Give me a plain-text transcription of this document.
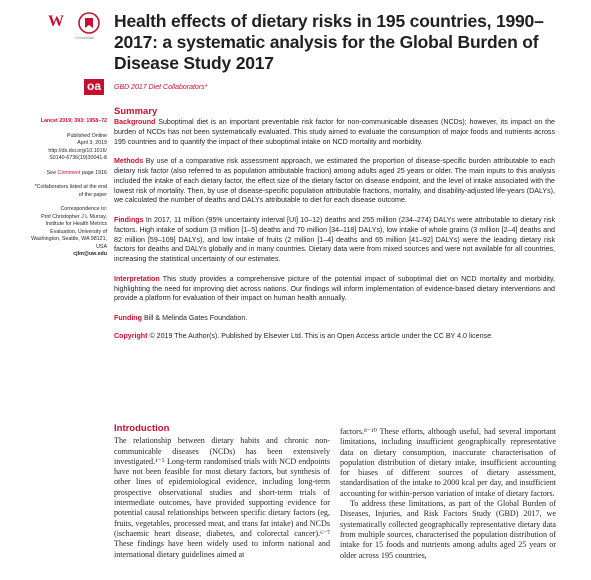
W
CrossMark
Health effects of dietary risks in 195 countries, 1990–2017: a systematic analysis for the Global Burden of Disease Study 2017
oa	GBD 2017 Diet Collaborators*
Lancet 2019; 393: 1958–72
Published Online
April 3, 2019
http://dx.doi.org/10.1016/
S0140-6736(19)30041-8
See Comment page 1916
*Collaborators listed at the end
of the paper
Correspondence to:
Prof Christopher J L Murray,
Institute for Health Metrics
Evaluation, University of
Washington, Seattle, WA 98121,
USA
cjlm@uw.edu
Summary

Background Suboptimal diet is an important preventable risk factor for non-communicable diseases (NCDs); however, its impact on the burden of NCDs has not been systematically evaluated. This study aimed to evaluate the consumption of major foods and nutrients across 195 countries and to quantify the impact of their suboptimal intake on NCD mortality and morbidity.

Methods By use of a comparative risk assessment approach, we estimated the proportion of disease-specific burden attributable to each dietary risk factor (also referred to as population attributable fraction) among adults aged 25 years or older. The main inputs to this analysis included the intake of each dietary factor, the effect size of the dietary factor on disease endpoint, and the level of intake associated with the lowest risk of mortality. Then, by use of disease-specific population attributable fractions, mortality, and disability-adjusted life-years (DALYs), we calculated the number of deaths and DALYs attributable to diet for each disease outcome.

Findings In 2017, 11 million (95% uncertainty interval [UI] 10–12) deaths and 255 million (234–274) DALYs were attributable to dietary risk factors. High intake of sodium (3 million [1–5] deaths and 70 million [34–118] DALYs), low intake of whole grains (3 million [2–4] deaths and 82 million [59–109] DALYs), and low intake of fruits (2 million [1–4] deaths and 65 million [41–92] DALYs) were the leading dietary risk factors for deaths and DALYs globally and in many countries. Dietary data were from mixed sources and were not available for all countries, increasing the statistical uncertainty of our estimates.

Interpretation This study provides a comprehensive picture of the potential impact of suboptimal diet on NCD mortality and morbidity, highlighting the need for improving diet across nations. Our findings will inform implementation of evidence-based dietary interventions and provide a platform for evaluation of their impact on human health annually.

Funding Bill & Melinda Gates Foundation.

Copyright © 2019 The Author(s). Published by Elsevier Ltd. This is an Open Access article under the CC BY 4.0 license.

Introduction

The relationship between dietary habits and chronic non-communicable diseases (NCDs) has been extensively investigated.¹⁻⁵ Long-term randomised trials with NCD endpoints have not been feasible for most dietary factors, but synthesis of other lines of epidemiological evidence, including long-term prospective observational studies and short-term trials of intermediate outcomes, have provided supporting evidence for potential causal relationships between specific dietary factors (eg, fruits, vegetables, processed meat, and trans fat intake) and NCDs (ischaemic heart disease, diabetes, and colorectal cancer).⁶⁻⁷ These findings have been widely used to inform national and international dietary guidelines aimed at

factors.⁸⁻¹⁰ These efforts, although useful, had several important limitations, including insufficient geographically representative data on dietary consumption, inaccurate characterisation of population distribution of dietary intake, insufficient accounting for biases of different sources of dietary assessment, standardisation of the intake to 2000 kcal per day, and insufficient accounting for within-person variation of intake of dietary factors.

To address these limitations, as part of the Global Burden of Diseases, Injuries, and Risk Factors Study (GBD) 2017, we systematically collected geographically representative dietary data from multiple sources, characterised the population distribution of intake for 15 foods and nutrients among adults aged 25 years or older across 195 countries,
